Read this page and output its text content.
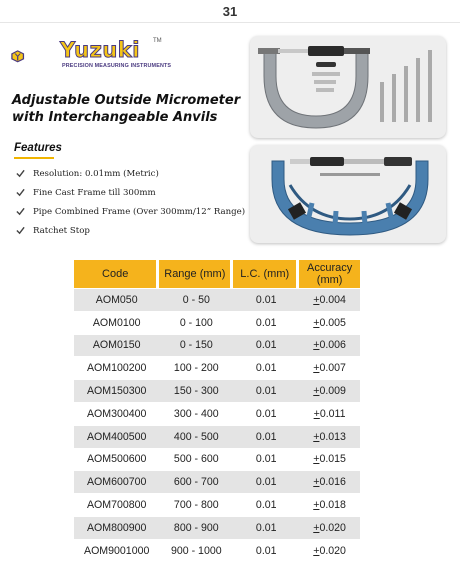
31
Yuzuki TM
PRECISION MEASURING INSTRUMENTS
Adjustable Outside Micrometer with Interchangeable Anvils
Features
Resolution: 0.01mm (Metric)
Fine Cast Frame till 300mm
Pipe Combined Frame (Over 300mm/12” Range)
Ratchet Stop
Code	Range (mm)	L.C. (mm)	Accuracy (mm)
AOM050	0 - 50	0.01	+0.004
AOM0100	0 - 100	0.01	+0.005
AOM0150	0 - 150	0.01	+0.006
AOM100200	100 - 200	0.01	+0.007
AOM150300	150 - 300	0.01	+0.009
AOM300400	300 - 400	0.01	+0.011
AOM400500	400 - 500	0.01	+0.013
AOM500600	500 - 600	0.01	+0.015
AOM600700	600 - 700	0.01	+0.016
AOM700800	700 - 800	0.01	+0.018
AOM800900	800 - 900	0.01	+0.020
AOM9001000	900 - 1000	0.01	+0.020
